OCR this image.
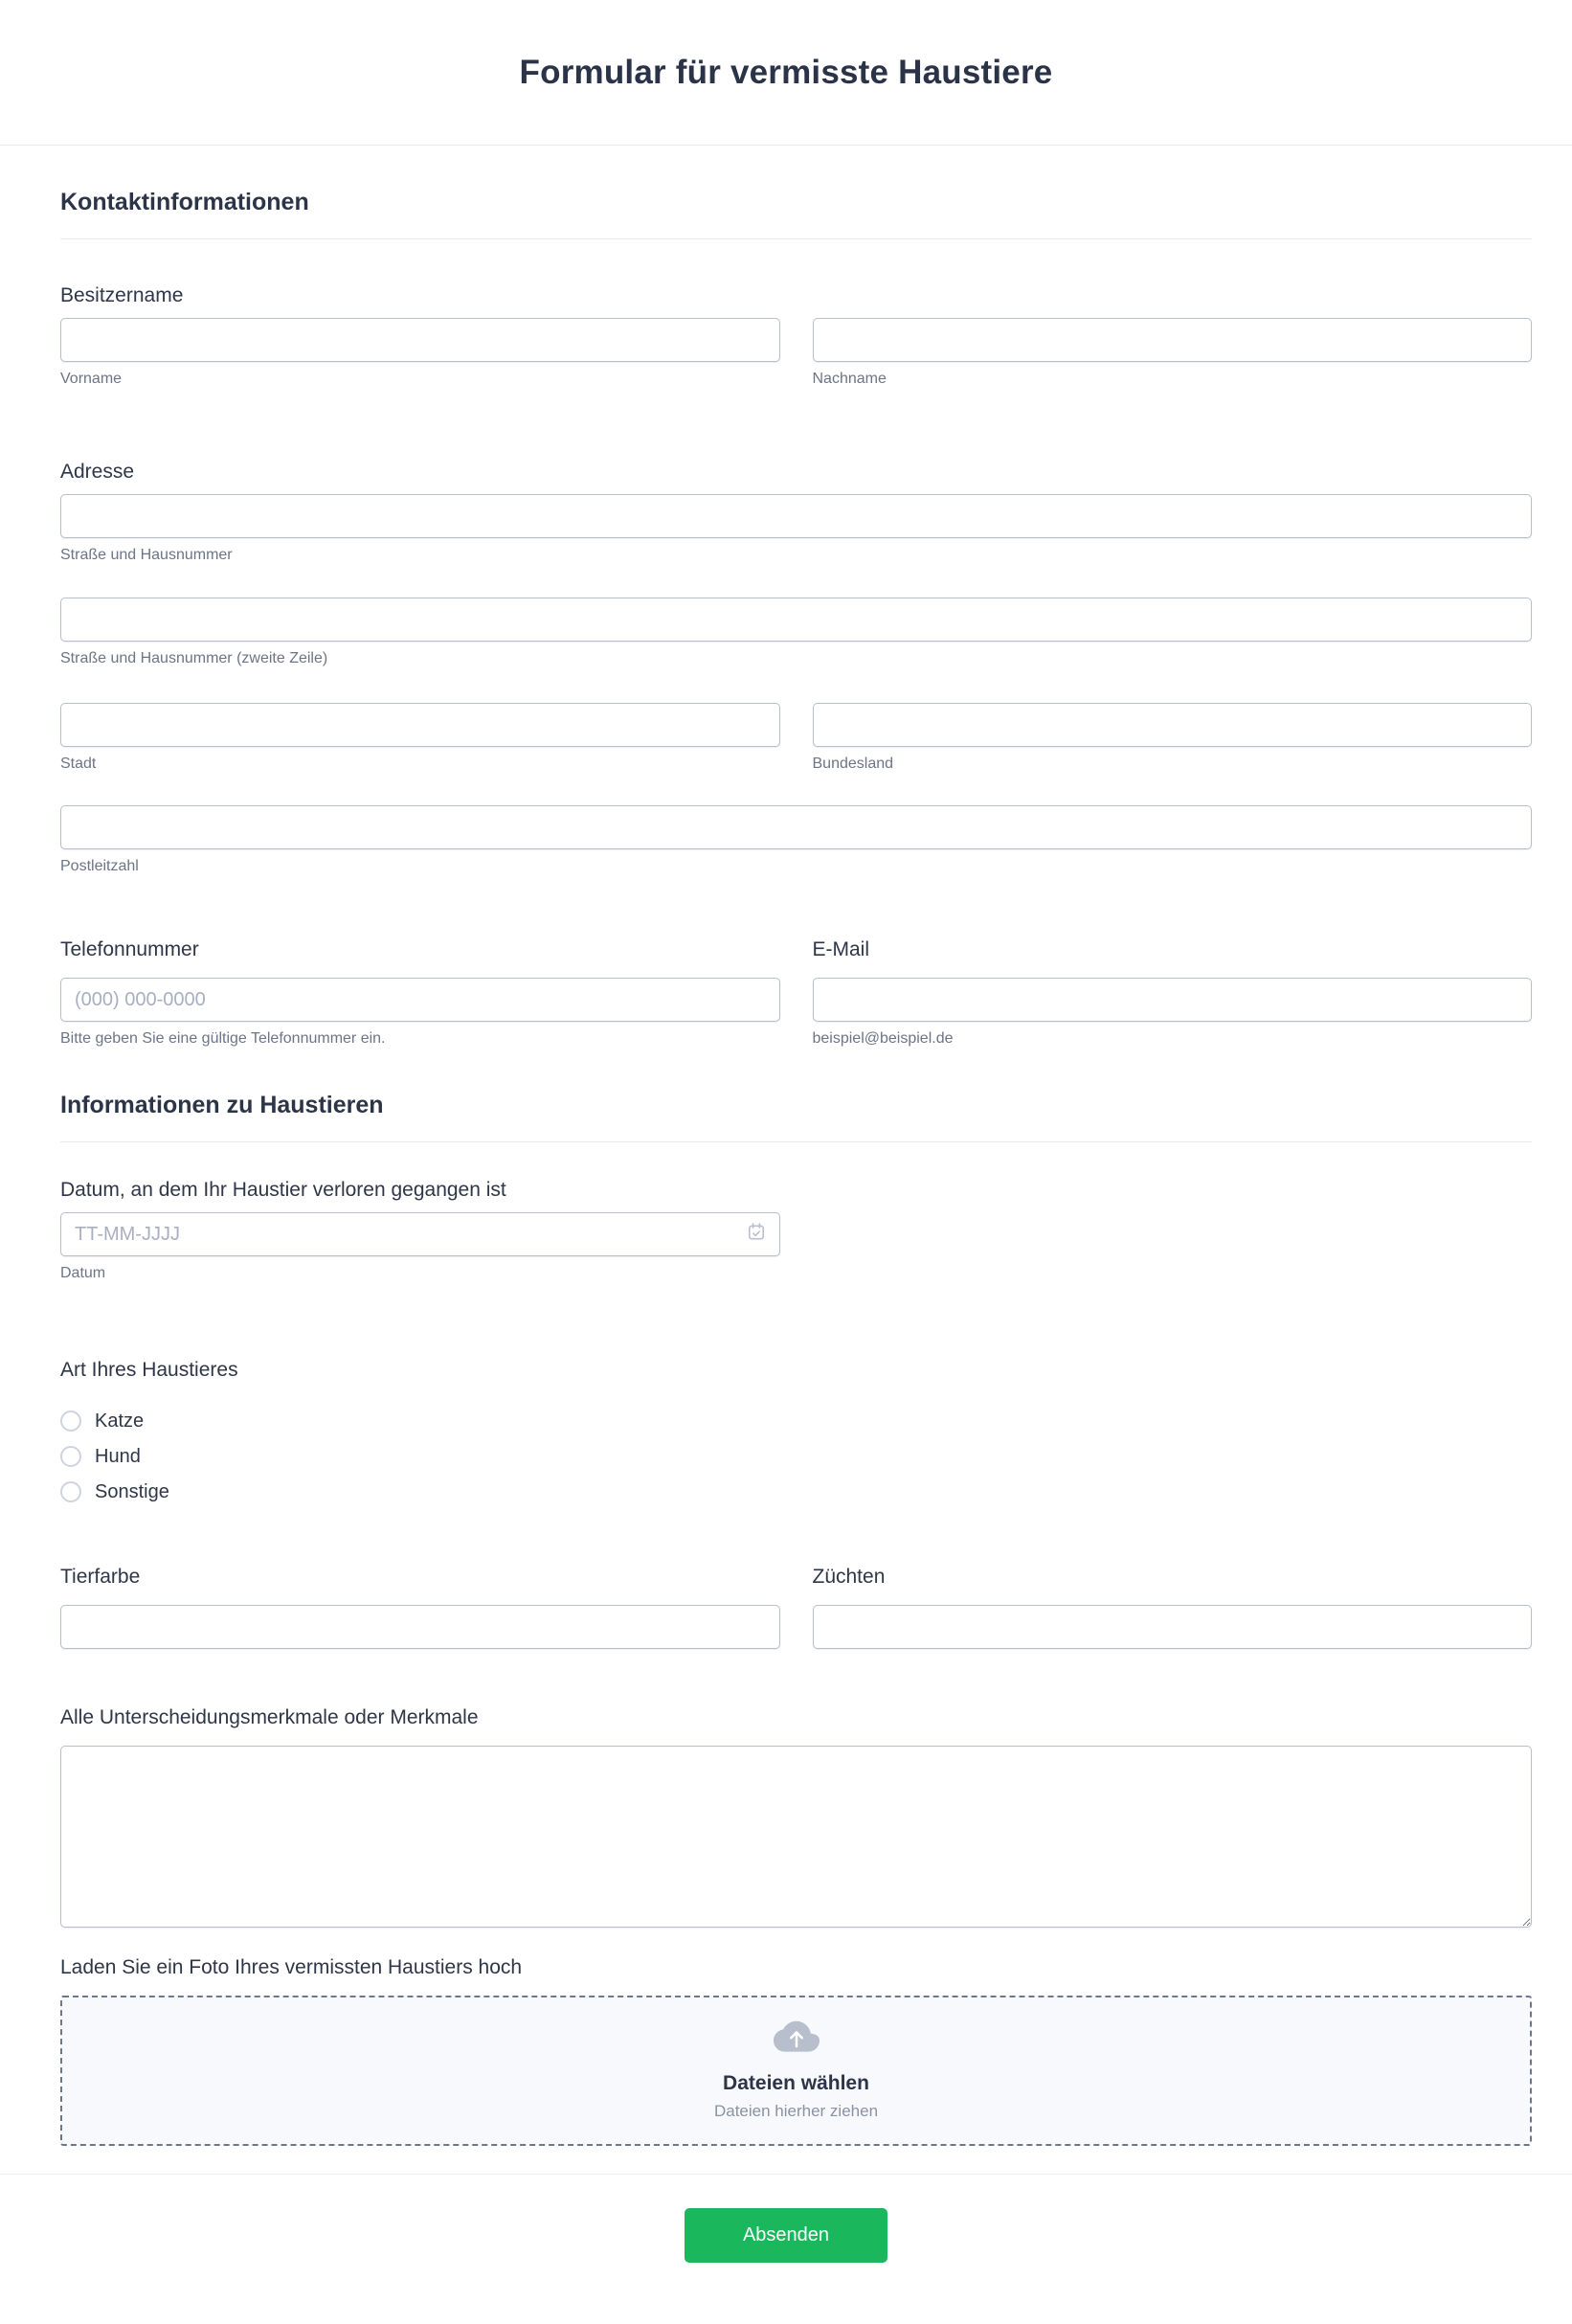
Formular für vermisste Haustiere
Kontaktinformationen
Besitzername
Vorname	Nachname
Adresse
Straße und Hausnummer
Straße und Hausnummer (zweite Zeile)
Stadt	Bundesland
Postleitzahl
Telefonnummer
(000) 000-0000
Bitte geben Sie eine gültige Telefonnummer ein.
E-Mail
beispiel@beispiel.de
Informationen zu Haustieren
Datum, an dem Ihr Haustier verloren gegangen ist
TT-MM-JJJJ
Datum
Art Ihres Haustieres
Katze
Hund
Sonstige
Tierfarbe	Züchten
Alle Unterscheidungsmerkmale oder Merkmale
Laden Sie ein Foto Ihres vermissten Haustiers hoch
Dateien wählen
Dateien hierher ziehen
Absenden
